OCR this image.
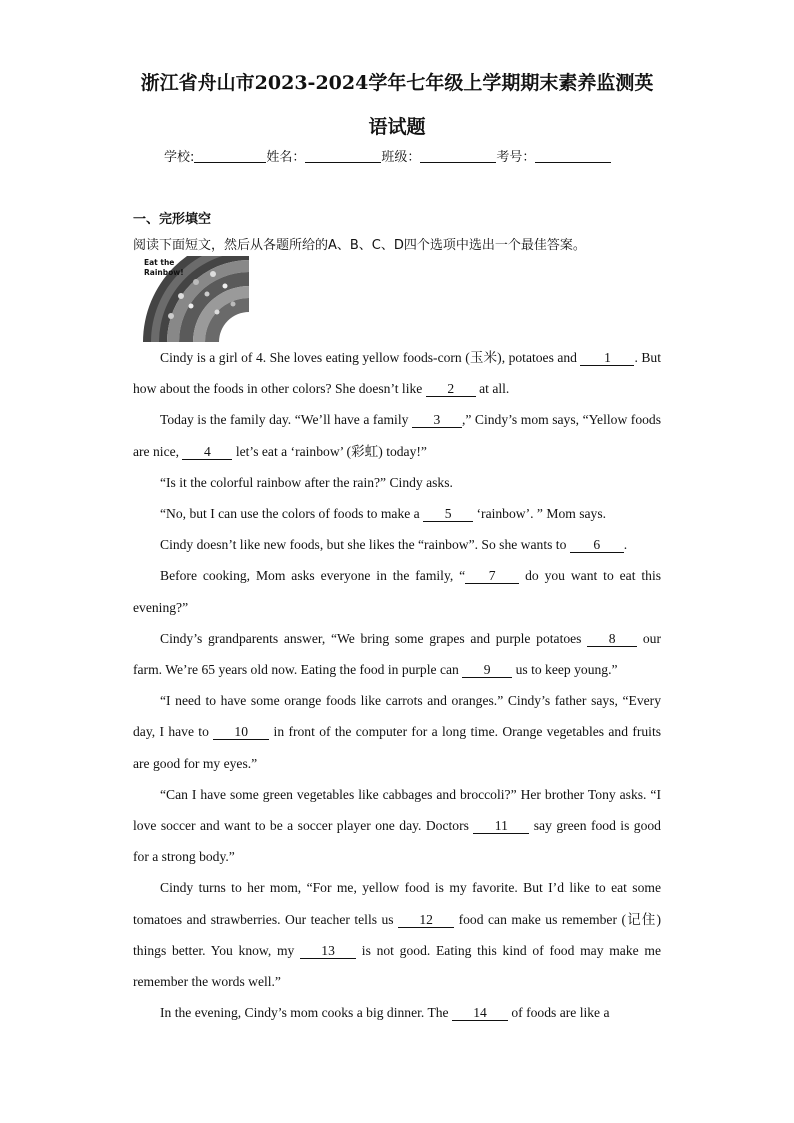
浙江省舟山市2023-2024学年七年级上学期期末素养监测英
语试题
学校:	姓名：	班级：	考号：
一、完形填空
阅读下面短文，然后从各题所给的A、B、C、D四个选项中选出一个最佳答案。
Eat the
Rainbow!

Cindy is a girl of 4. She loves eating yellow foods-corn (玉米), potatoes and 1 . But how about the foods in other colors? She doesn’t like 2 at all.

Today is the family day. “We’ll have a family 3 ,” Cindy’s mom says, “Yellow foods are nice, 4 let’s eat a ‘rainbow’ (彩虹) today!”

“Is it the colorful rainbow after the rain?” Cindy asks.

“No, but I can use the colors of foods to make a 5 ‘rainbow’. ” Mom says.

Cindy doesn’t like new foods, but she likes the “rainbow”. So she wants to 6 .

Before cooking, Mom asks everyone in the family, “ 7 do you want to eat this evening?”

Cindy’s grandparents answer, “We bring some grapes and purple potatoes 8 our farm. We’re 65 years old now. Eating the food in purple can 9 us to keep young.”

“I need to have some orange foods like carrots and oranges.” Cindy’s father says, “Every day, I have to 10 in front of the computer for a long time. Orange vegetables and fruits are good for my eyes.”

“Can I have some green vegetables like cabbages and broccoli?” Her brother Tony asks. “I love soccer and want to be a soccer player one day. Doctors 11 say green food is good for a strong body.”

Cindy turns to her mom, “For me, yellow food is my favorite. But I’d like to eat some tomatoes and strawberries. Our teacher tells us 12 food can make us remember (记住) things better. You know, my 13 is not good. Eating this kind of food may make me remember the words well.”

In the evening, Cindy’s mom cooks a big dinner. The 14 of foods are like a
